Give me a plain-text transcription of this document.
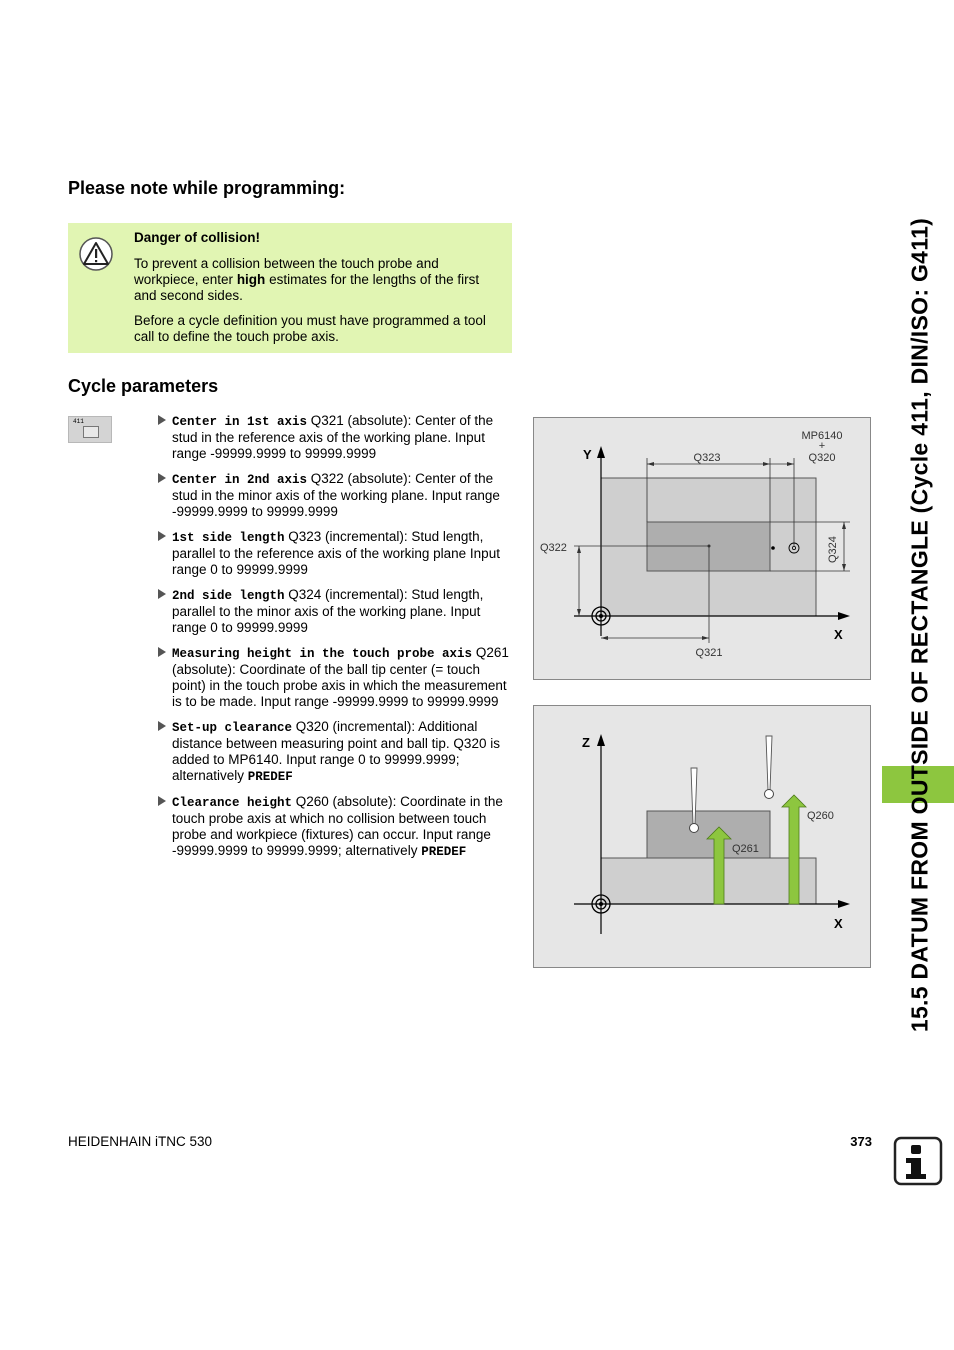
Please note while programming:
Danger of collision!

To prevent a collision between the touch probe and workpiece, enter high estimates for the lengths of the first and second sides.

Before a cycle definition you must have programmed a tool call to define the touch probe axis.

Cycle parameters
411	Center in 1st axis Q321 (absolute): Center of the stud in the reference axis of the working plane. Input range -99999.9999 to 99999.9999
Center in 2nd axis Q322 (absolute): Center of the stud in the minor axis of the working plane. Input range -99999.9999 to 99999.9999
1st side length Q323 (incremental): Stud length, parallel to the reference axis of the working plane Input range 0 to 99999.9999
2nd side length Q324 (incremental): Stud length, parallel to the minor axis of the working plane. Input range 0 to 99999.9999
Measuring height in the touch probe axis Q261 (absolute): Coordinate of the ball tip center (= touch point) in the touch probe axis in which the measurement is to be made. Input range -99999.9999 to 99999.9999
Set-up clearance Q320 (incremental): Additional distance between measuring point and ball tip. Q320 is added to MP6140. Input range 0 to 99999.9999; alternatively PREDEF
Clearance height Q260 (absolute): Coordinate in the touch probe axis at which no collision between touch probe and workpiece (fixtures) can occur. Input range -99999.9999 to 99999.9999; alternatively PREDEF
Y
X
MP6140
+
Q320
Q323
Q322	Q324
Q321
Z
X
Q260
Q261	15.5 DATUM FROM OUTSIDE OF RECTANGLE (Cycle 411, DIN/ISO: G411)
HEIDENHAIN iTNC 530	373
